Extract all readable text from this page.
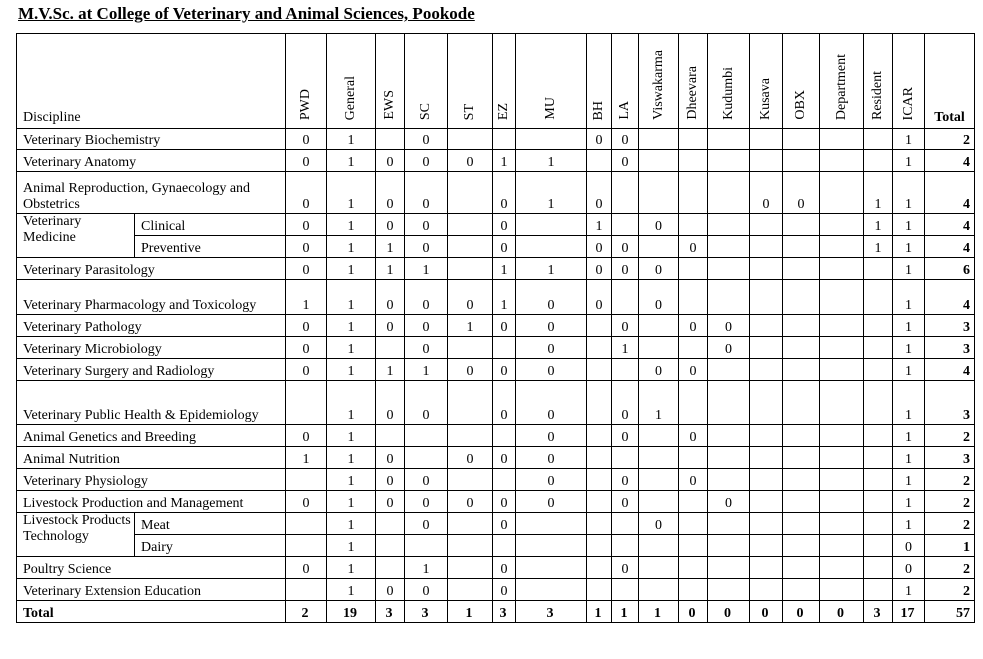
M.V.Sc. at College of Veterinary and Animal Sciences, Pookode
Discipline		PWD	General	EWS	SC	ST	EZ	MU	BH	LA	Viswakarma	Dheevara	Kudumbi	Kusava	OBX	Department	Resident	ICAR	Total
Veterinary Biochemistry		0	1		0				0	0								1	2
Veterinary Anatomy		0	1	0	0	0	1	1		0								1	4
Animal Reproduction, Gynaecology and Obstetrics		0	1	0	0		0	1	0					0	0		1	1	4
Veterinary Medicine	Clinical	0	1	0	0		0		1		0						1	1	4
	Preventive	0	1	1	0		0		0	0		0					1	1	4
Veterinary Parasitology		0	1	1	1		1	1	0	0	0							1	6
Veterinary Pharmacology and Toxicology		1	1	0	0	0	1	0	0		0							1	4
Veterinary Pathology		0	1	0	0	1	0	0		0		0	0					1	3
Veterinary Microbiology		0	1		0			0		1			0					1	3
Veterinary Surgery and Radiology		0	1	1	1	0	0	0			0	0						1	4
Veterinary Public Health & Epidemiology			1	0	0		0	0		0	1							1	3
Animal Genetics and Breeding		0	1					0		0		0						1	2
Animal Nutrition		1	1	0		0	0	0										1	3
Veterinary Physiology			1	0	0			0		0		0						1	2
Livestock Production and Management		0	1	0	0	0	0	0		0			0					1	2
Livestock Products Technology	Meat		1		0		0				0							1	2
	Dairy		1															0	1
Poultry Science		0	1		1		0			0								0	2
Veterinary Extension Education			1	0	0		0											1	2
Total		2	19	3	3	1	3	3	1	1	1	0	0	0	0	0	3	17	57
